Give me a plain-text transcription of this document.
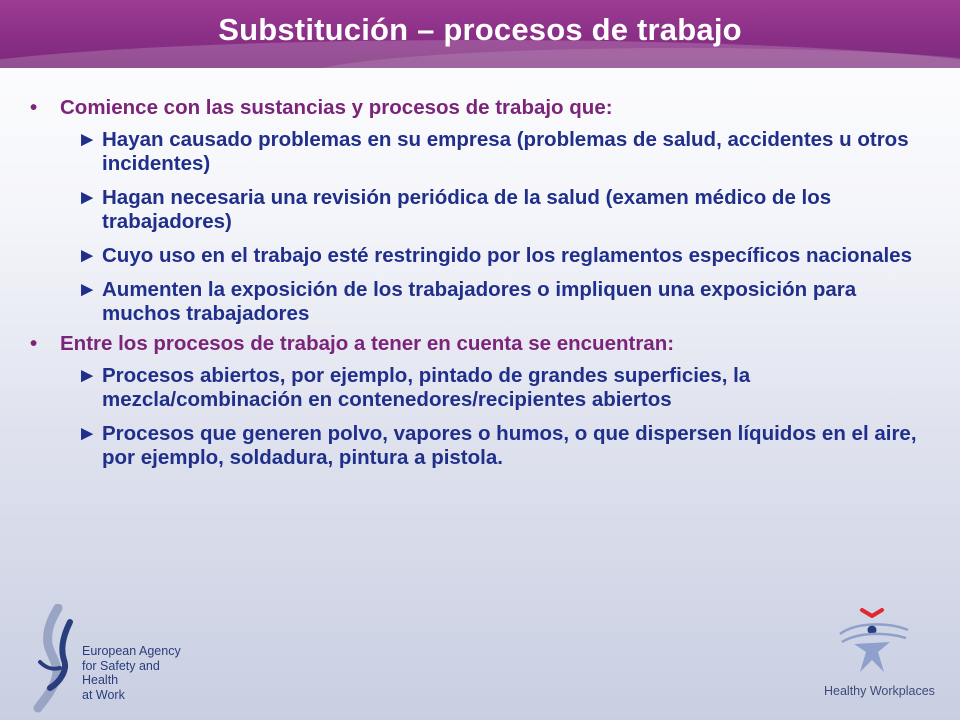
Substitución – procesos de trabajo
• Comience con las sustancias y procesos de trabajo que:
► Hayan causado problemas en su empresa (problemas de salud, accidentes u otros incidentes)
► Hagan necesaria una revisión periódica de la salud (examen médico de los trabajadores)
► Cuyo uso en el trabajo esté restringido por los reglamentos específicos nacionales
► Aumenten la exposición de los trabajadores o impliquen una exposición para muchos trabajadores
• Entre los procesos de trabajo a tener en cuenta se encuentran:
► Procesos abiertos, por ejemplo, pintado de grandes superficies, la mezcla/combinación en contenedores/recipientes abiertos
► Procesos que generen polvo, vapores o humos, o que dispersen líquidos en el aire, por ejemplo, soldadura, pintura a pistola.
European Agency
for Safety and Health
at Work	Healthy Workplaces
